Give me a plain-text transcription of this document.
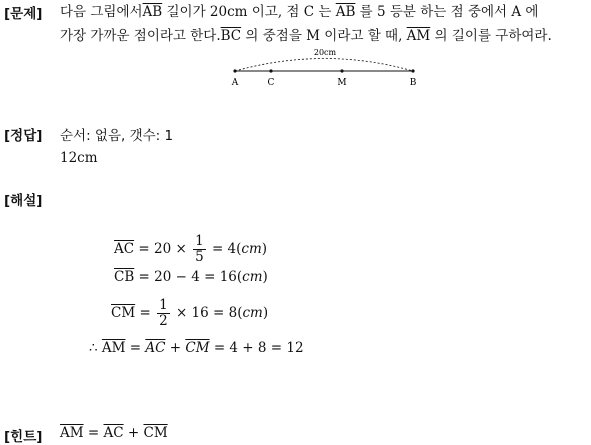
[문제] 다음 그림에서$\overline{AB}$ 길이가 20cm 이고, 점 C 는 $\overline{AB}$ 를 5 등분 하는 점 중에서 A 에
가장 가까운 점이라고 한다$.\overline{BC}$ 의 중점을 M 이라고 할 때, $\overline{AM}$ 의 길이를 구하여라.
20cm
A	C	M	B
[정답] 순서: 없음, 갯수: 1
12cm
[해설]
$\overline{AC} = 20 \times \frac{1}{5} = 4(cm)$
$\overline{CB} = 20 - 4 = 16(cm)$
$\overline{CM} = \frac{1}{2} \times 16 = 8(cm)$
∴ $\overline{AM} = \overline{AC} + \overline{CM} = 4 + 8 = 12$
[힌트] $\overline{AM} = \overline{AC} + \overline{CM}$
